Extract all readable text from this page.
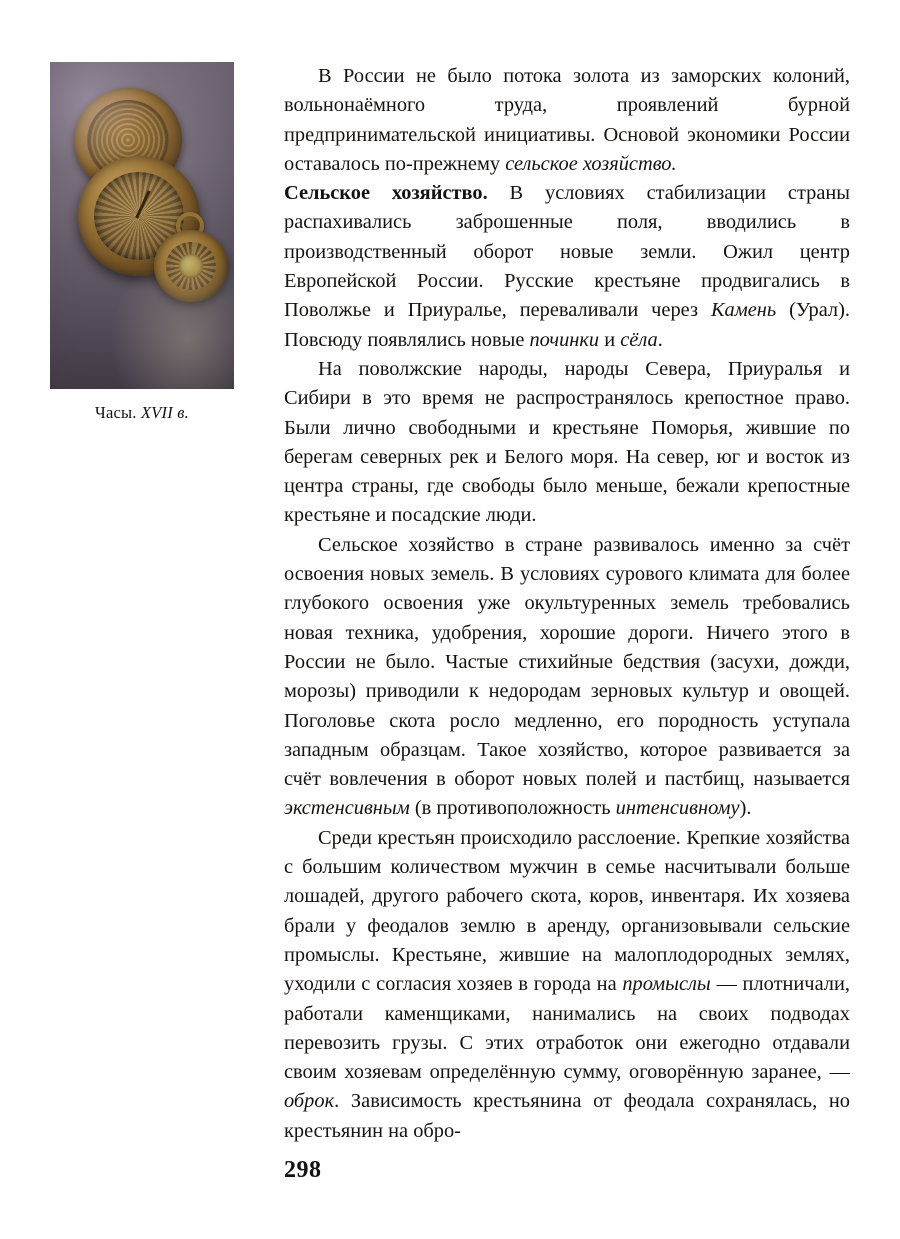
Часы. XVII в.

В России не было потока золота из заморских колоний, вольнонаёмного труда, проявлений бурной предпринимательской инициативы. Основой экономики России оставалось по-прежнему сельское хозяйство.

Сельское хозяйство. В условиях стабилизации страны распахивались заброшенные поля, вводились в производственный оборот новые земли. Ожил центр Европейской России. Русские крестьяне продвигались в Поволжье и Приуралье, переваливали через Камень (Урал). Повсюду появлялись новые починки и сёла.

На поволжские народы, народы Севера, Приуралья и Сибири в это время не распространялось крепостное право. Были лично свободными и крестьяне Поморья, жившие по берегам северных рек и Белого моря. На север, юг и восток из центра страны, где свободы было меньше, бежали крепостные крестьяне и посадские люди.

Сельское хозяйство в стране развивалось именно за счёт освоения новых земель. В условиях сурового климата для более глубокого освоения уже окультуренных земель требовались новая техника, удобрения, хорошие дороги. Ничего этого в России не было. Частые стихийные бедствия (засухи, дожди, морозы) приводили к недородам зерновых культур и овощей. Поголовье скота росло медленно, его породность уступала западным образцам. Такое хозяйство, которое развивается за счёт вовлечения в оборот новых полей и пастбищ, называется экстенсивным (в противоположность интенсивному).

Среди крестьян происходило расслоение. Крепкие хозяйства с большим количеством мужчин в семье насчитывали больше лошадей, другого рабочего скота, коров, инвентаря. Их хозяева брали у феодалов землю в аренду, организовывали сельские промыслы. Крестьяне, жившие на малоплодородных землях, уходили с согласия хозяев в города на промыслы — плотничали, работали каменщиками, нанимались на своих подводах перевозить грузы. С этих отработок они ежегодно отдавали своим хозяевам определённую сумму, оговорённую заранее, — оброк. Зависимость крестьянина от феодала сохранялась, но крестьянин на обро-

298
